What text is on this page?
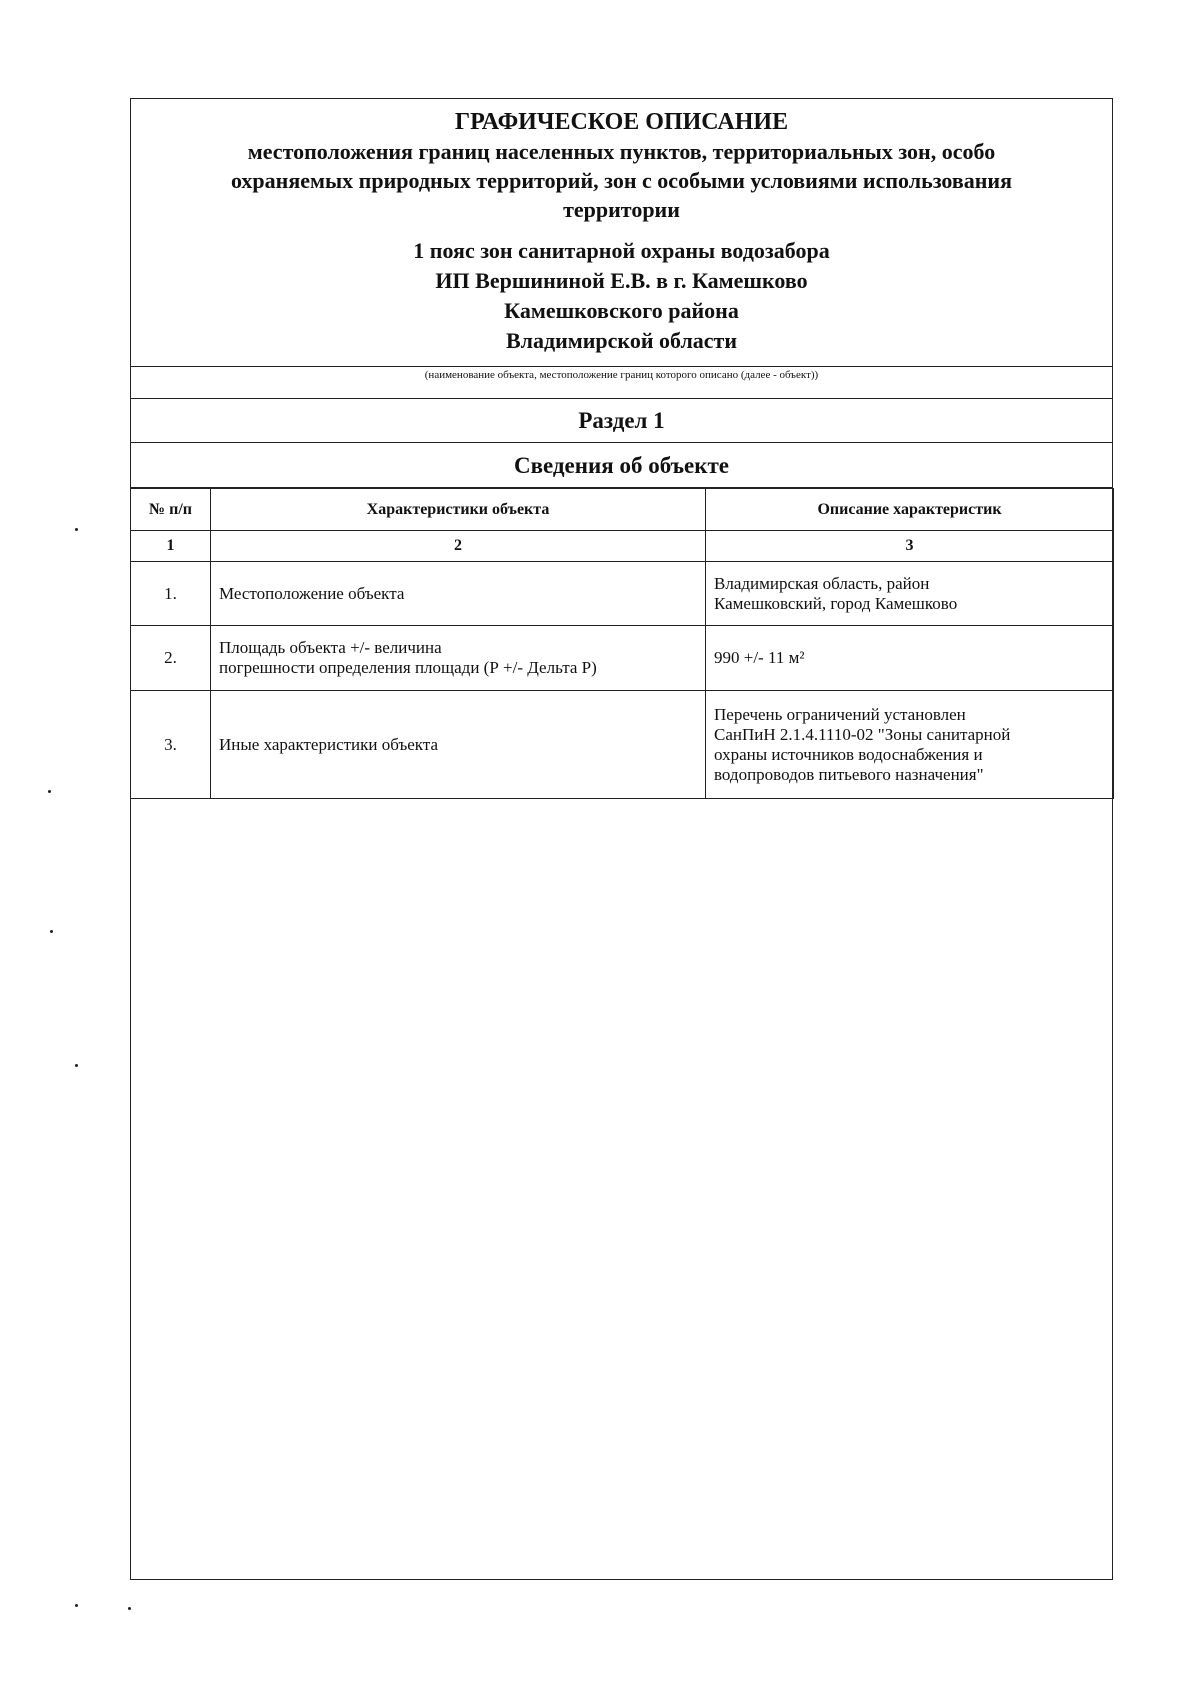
ГРАФИЧЕСКОЕ ОПИСАНИЕ
местоположения границ населенных пунктов, территориальных зон, особо
охраняемых природных территорий, зон с особыми условиями использования
территории
1 пояс зон санитарной охраны водозабора
ИП Вершининой Е.В. в г. Камешково
Камешковского района
Владимирской области
(наименование объекта, местоположение границ которого описано (далее - объект))
Раздел 1
Сведения об объекте
№ п/п	Характеристики объекта	Описание характеристик
1	2	3
1.	Местоположение объекта	Владимирская область, район
Камешковский, город Камешково

2.	Площадь объекта +/- величина
погрешности определения площади (Р +/- Дельта Р)	990 +/- 11 м²

3.	Иные характеристики объекта	Перечень ограничений установлен
СанПиН 2.1.4.1110-02 "Зоны санитарной
охраны источников водоснабжения и
водопроводов питьевого назначения"
